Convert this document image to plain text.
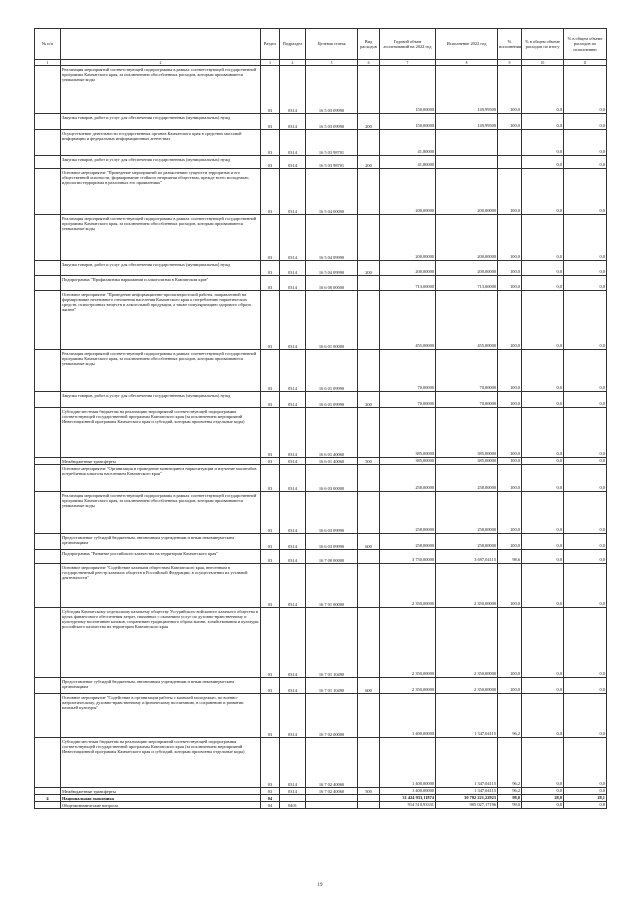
№ п/п		Раздел	Подраздел	Целевая статья	Вид расходов	Годовой объем ассигнований на 2022 год	Исполнение 2022 год	% исполнения	% в общем объеме расходов по итогу	% в общем объеме расходов по исполнению
1	2	3	4	5	6	7	8	9	10	11
	Реализация мероприятий соответствующей подпрограммы в рамках соответствующей государственной программы Камчатского края, за исключением обособленных расходов, которым присваиваются уникальные коды	03	0314	16 5 03 09990		150,00000	149,99500	100,0	0,0	0,0
	Закупка товаров, работ и услуг для обеспечения государственных (муниципальных) нужд	03	0314	16 5 03 09990	200	150,00000	149,99500	100,0	0,0	0,0
	Осуществление деятельности государственных органов Камчатского края в средствах массовой информации и федеральных информационных агентствах	03	0314	16 5 03 98701		41,80000			0,0	0,0
	Закупка товаров, работ и услуг для обеспечения государственных (муниципальных) нужд	03	0314	16 5 03 98701	200	41,80000			0,0	0,0
	Основное мероприятие "Проведение мероприятий по разъяснению сущности терроризма и его общественной опасности, формирование стойкого неприятия обществом, прежде всего молодежью, идеологии терроризма в различных его проявлениях"	03	0314	16 5 04 00000		200,00000	200,00000	100,0	0,0	0,0
	Реализация мероприятий соответствующей подпрограммы в рамках соответствующей государственной программы Камчатского края, за исключением обособленных расходов, которым присваиваются уникальные коды	03	0314	16 5 04 09990		200,00000	200,00000	100,0	0,0	0,0
	Закупка товаров, работ и услуг для обеспечения государственных (муниципальных) нужд	03	0314	16 5 04 09990	200	200,00000	200,00000	100,0	0,0	0,0
	Подпрограмма "Профилактика наркомании и алкоголизма в Камчатском крае"	03	0314	16 6 00 00000		713,00000	713,00000	100,0	0,0	0,0
	Основное мероприятие "Проведение информационно-пропагандистской работы, направленной на формирование негативного отношения населения Камчатского края к потреблению наркотических средств, психотропных веществ и алкогольной продукции, а также популяризацию здорового образа жизни"	03	0314	16 6 01 00000		455,00000	455,00000	100,0	0,0	0,0
	Реализация мероприятий соответствующей подпрограммы в рамках соответствующей государственной программы Камчатского края, за исключением обособленных расходов, которым присваиваются уникальные коды	03	0314	16 6 01 09990		70,00000	70,00000	100,0	0,0	0,0
	Закупка товаров, работ и услуг для обеспечения государственных (муниципальных) нужд	03	0314	16 6 01 09990	200	70,00000	70,00000	100,0	0,0	0,0
	Субсидии местным бюджетам на реализацию мероприятий соответствующей подпрограммы соответствующей государственной программы Камчатского края (за исключением мероприятий Инвестиционной программы Камчатского края и субсидий, которым присвоены отдельные коды)	03	0314	16 6 01 40060		385,00000	385,00000	100,0	0,0	0,0
	Межбюджетные трансферты	03	0314	16 6 01 40060	500	385,00000	385,00000	100,0	0,0	0,0
	Основное мероприятие "Организация и проведение мониторинга наркоситуации и изучение масштабов потребления алкоголя населением Камчатского края"	03	0314	16 6 03 00000		258,00000	258,00000	100,0	0,0	0,0
	Реализация мероприятий соответствующей подпрограммы в рамках соответствующей государственной программы Камчатского края, за исключением обособленных расходов, которым присваиваются уникальные коды	03	0314	16 6 03 09990		258,00000	258,00000	100,0	0,0	0,0
	Предоставление субсидий бюджетным, автономным учреждениям и иным некоммерческим организациям	03	0314	16 6 03 09990	600	258,00000	258,00000	100,0	0,0	0,0
	Подпрограмма "Развитие российского казачества на территории Камчатского края"	03	0314	16 7 00 00000		3 750,00000	3 697,04115	98,6	0,0	0,0
	Основное мероприятие "Содействие казачьим обществам Камчатского края, внесенным в государственный реестр казачьих обществ в Российской Федерации, в осуществлении их уставной деятельности"	03	0314	16 7 01 00000		2 350,00000	2 350,00000	100,0	0,0	0,0
	Субсидия Камчатскому отдельскому казачьему обществу Уссурийского войскового казачьего общества в целях финансового обеспечения затрат, связанных с оказанием услуг по духовно-нравственному и культурному воспитанию казаков, сохранению традиционного образа жизни, хозяйствования и культуры российского казачества на территории Камчатского края	03	0314	16 7 01 10490		2 350,00000	2 350,00000	100,0	0,0	0,0
	Предоставление субсидий бюджетным, автономным учреждениям и иным некоммерческим организациям	03	0314	16 7 01 10490	600	2 350,00000	2 350,00000	100,0	0,0	0,0
	Основное мероприятие "Содействие в организации работы с казачьей молодежью, по военно-патриотическому, духовно-нравственному и физическому воспитанию, в сохранению и развитии казачьей культуры"	03	0314	16 7 02 00000		1 400,00000	1 347,04115	96,2	0,0	0,0
	Субсидии местным бюджетам на реализацию мероприятий соответствующей подпрограммы соответствующей государственной программы Камчатского края (за исключением мероприятий Инвестиционной программы Камчатского края и субсидий, которым присвоены отдельные коды)	03	0314	16 7 02 40060		1 400,00000	1 347,04115	96,2	0,0	0,0
	Межбюджетные трансферты	03	0314	16 7 02 40060	500	1 400,00000	1 347,04115	96,2	0,0	0,0
4	Национальная экономика	04				31 424 933,11874	30 782 221,22923	98,0	28,0	28,1
	Общеэкономические вопросы	04	0401			914 510,93331	905 027,17196	99,0	0,8	0,8
19
